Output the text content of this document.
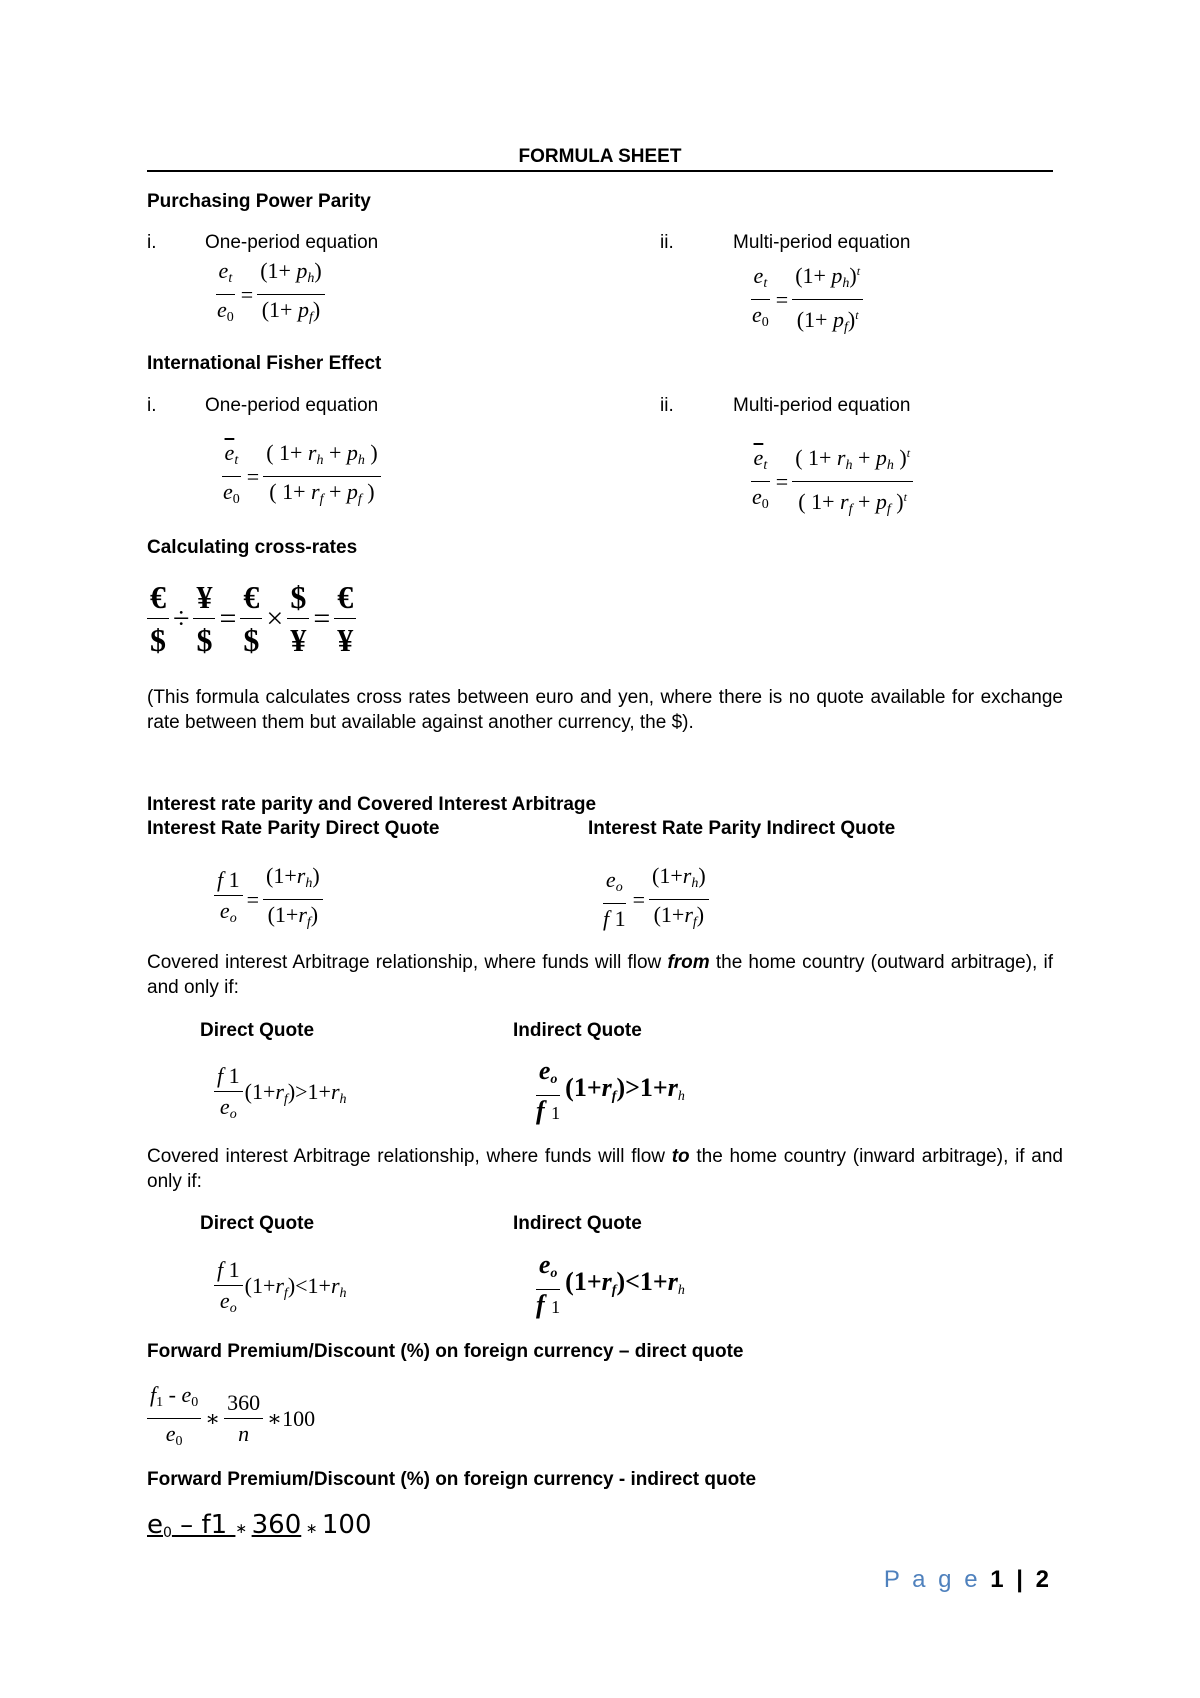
FORMULA SHEET
Purchasing Power Parity
i.	One-period equation	ii.	Multi-period equation
$\frac{e_t}{e_0} = \frac{(1+ p_h)}{(1+ p_f)}$	$\frac{e_t}{e_0} = \frac{(1+ p_h)^t}{(1+ p_f)^t}$
International Fisher Effect
i.	One-period equation	ii.	Multi-period equation
$\frac{\overline{e}_t}{e_0} = \frac{( 1+ r_h + p_h )}{( 1+ r_f + p_f )}$	$\frac{\overline{e}_t}{e_0} = \frac{( 1+ r_h + p_h )^t}{( 1+ r_f + p_f )^t}$
Calculating cross-rates
$\frac{€}{\$} \div \frac{¥}{\$} = \frac{€}{\$} \times \frac{\$}{¥} = \frac{€}{¥}$
(This formula calculates cross rates between euro and yen, where there is no quote available for exchange rate between them but available against another currency, the $).
Interest rate parity and Covered Interest Arbitrage
Interest Rate Parity Direct Quote	Interest Rate Parity Indirect Quote
$\frac{f 1}{e_o} = \frac{(1+r_h)}{(1+r_f)}$	$\frac{e_o}{f 1} = \frac{(1+r_h)}{(1+r_f)}$
Covered interest Arbitrage relationship, where funds will flow from the home country (outward arbitrage), if and only if:
Direct Quote	Indirect Quote
$\frac{f 1}{e_o} (1+r_f)>1+r_h$	$\frac{e_o}{f 1} (1+r_f)>1+r_h$
Covered interest Arbitrage relationship, where funds will flow to the home country (inward arbitrage), if and only if:
Direct Quote	Indirect Quote
$\frac{f 1}{e_o} (1+r_f)<1+r_h$	$\frac{e_o}{f 1} (1+r_f)<1+r_h$
Forward Premium/Discount (%) on foreign currency – direct quote
$\frac{f_1 - e_0}{e_0}$ ∗ $\frac{360}{n}$ ∗100
Forward Premium/Discount (%) on foreign currency - indirect quote
$e_0 - f1$ ∗ 360 ∗ 100
P a g e 1 | 2
